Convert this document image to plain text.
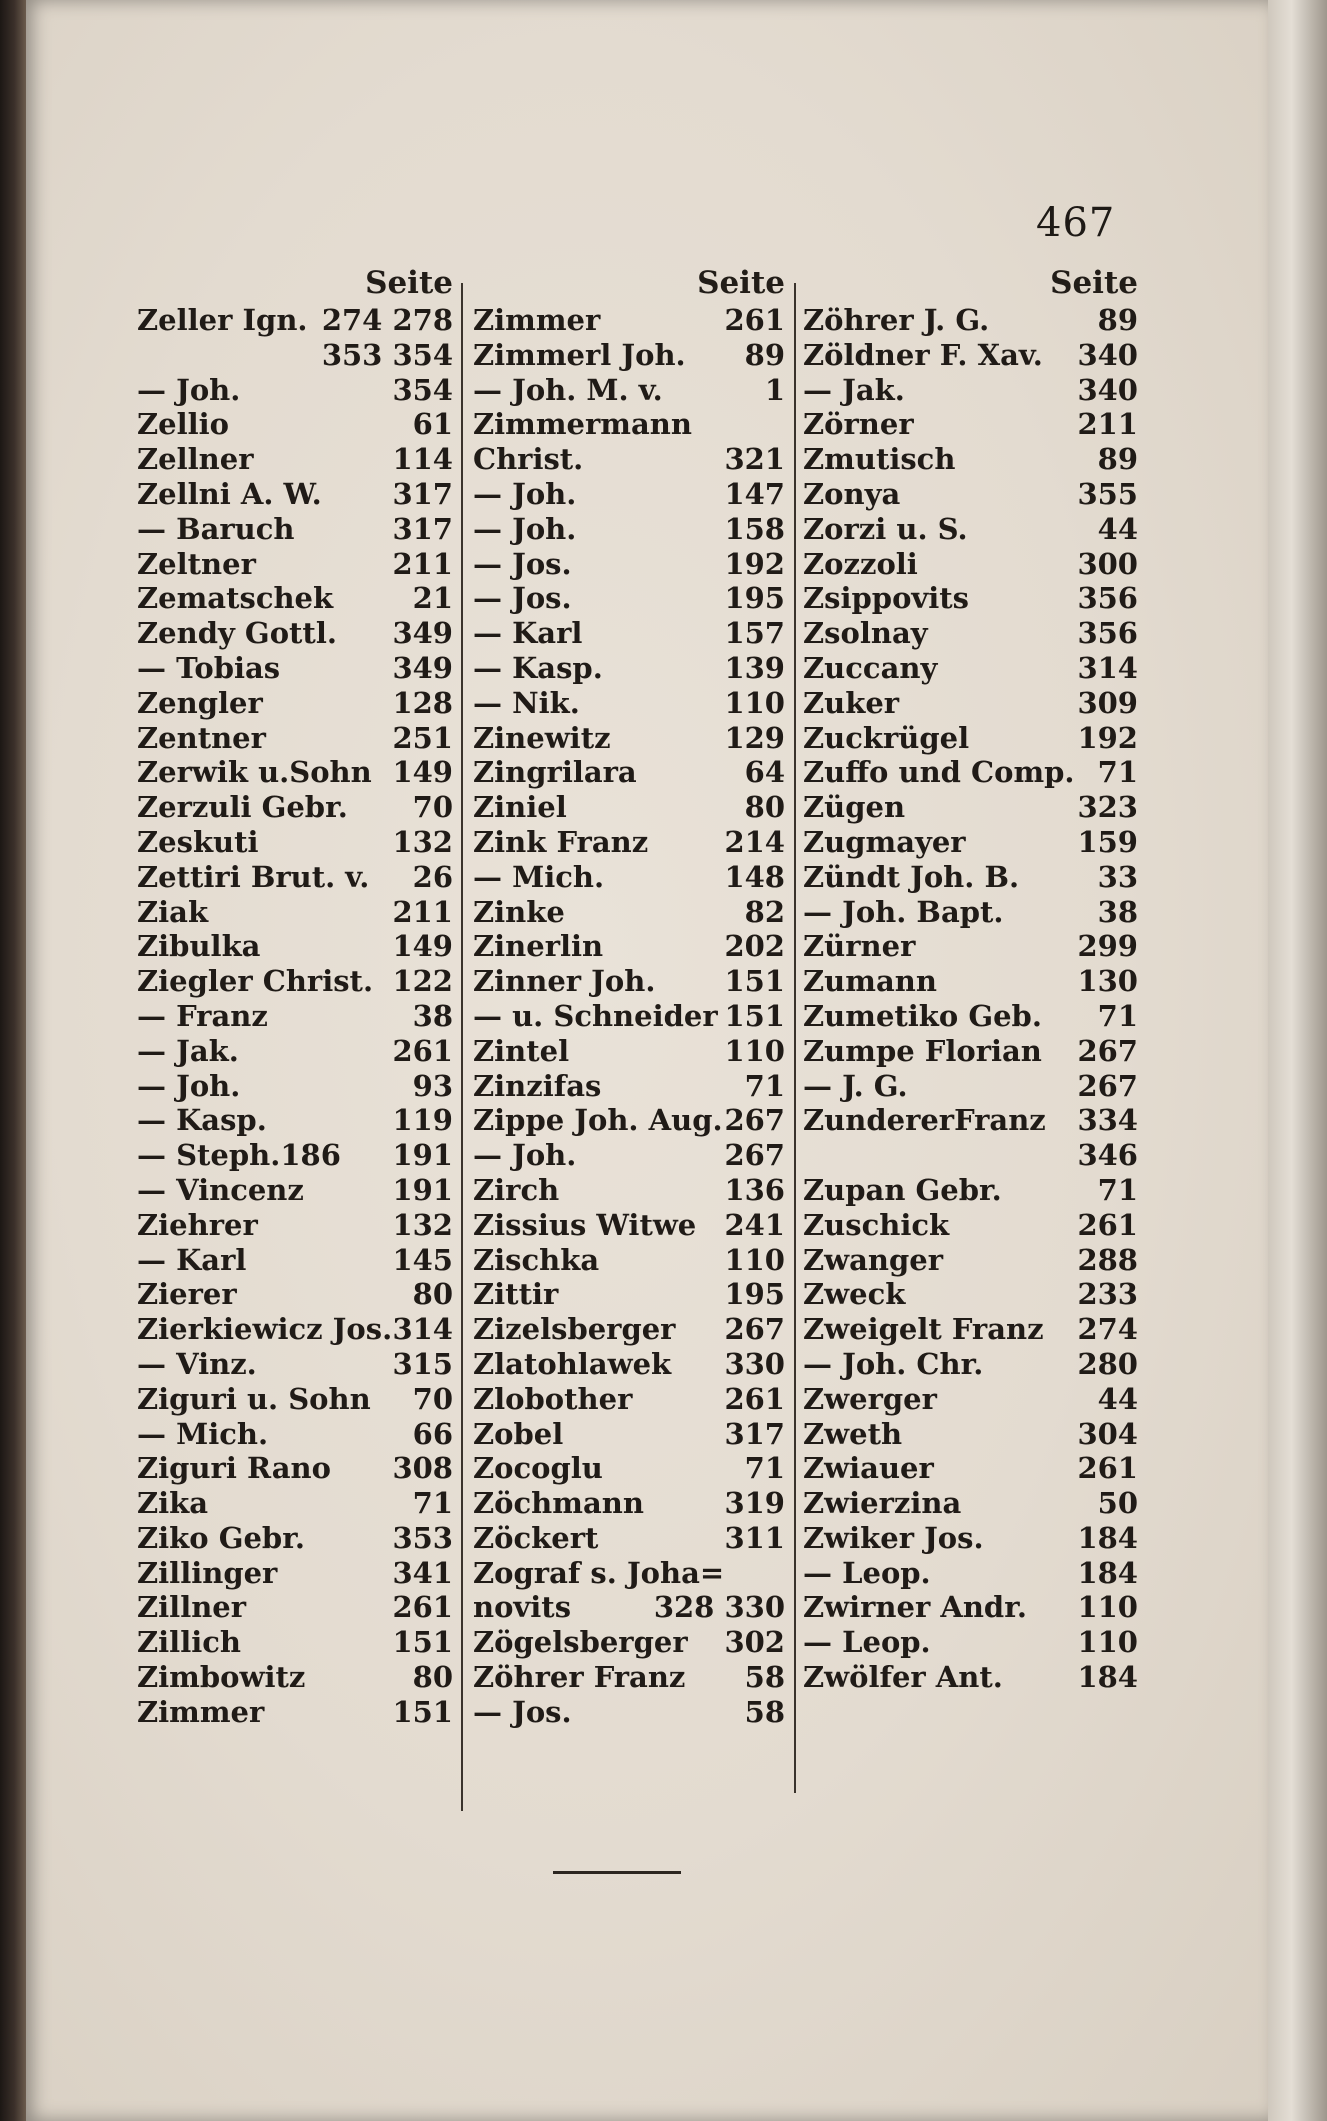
467
Seite
Zeller Ign. 274 278
353 354
— Joh.	354
Zellio	61
Zellner	114
Zellni A. W. 317
— Baruch	317
Zeltner	211
Zematschek	21
Zendy Gottl. 349
— Tobias	349
Zengler	128
Zentner	251
Zerwik u.Sohn 149
Zerzuli Gebr. 70
Zeskuti	132
Zettiri Brut. v. 26
Ziak	211
Zibulka	149
Ziegler Christ. 122
— Franz	38
— Jak.	261
— Joh.	93
— Kasp.	119
— Steph.186 191
— Vincenz	191
Ziehrer	132
— Karl	145
Zierer	80
Zierkiewicz Jos. 314
— Vinz.	315
Ziguri u. Sohn 70
— Mich.	66
Ziguri Rano 308
Zika	71
Ziko Gebr.	353
Zillinger	341
Zillner	261
Zillich	151
Zimbowitz	80
Zimmer	151
Seite
Zimmer	261
Zimmerl Joh. 89
— Joh. M. v.	1
Zimmermann
Christ.	321
— Joh.	147
— Joh.	158
— Jos.	192
— Jos.	195
— Karl	157
— Kasp.	139
— Nik.	110
Zinewitz	129
Zingrilara	64
Ziniel	80
Zink Franz	214
— Mich.	148
Zinke	82
Zinerlin	202
Zinner Joh. 151
— u. Schneider 151
Zintel	110
Zinzifas	71
Zippe Joh. Aug. 267
— Joh.	267
Zirch	136
Zissius Witwe 241
Zischka	110
Zittir	195
Zizelsberger 267
Zlatohlawek 330
Zlobother	261
Zobel	317
Zocoglu	71
Zöchmann	319
Zöckert	311
Zograf s. Joha=
novits	328 330
Zögelsberger 302
Zöhrer Franz 58
— Jos.	58
Seite
Zöhrer J. G.	89
Zöldner F. Xav. 340
— Jak.	340
Zörner	211
Zmutisch	89
Zonya	355
Zorzi u. S.	44
Zozzoli	300
Zsippovits	356
Zsolnay	356
Zuccany	314
Zuker	309
Zuckrügel	192
Zuffo und Comp. 71
Zügen	323
Zugmayer	159
Zündt Joh. B.	33
— Joh. Bapt.	38
Zürner	299
Zumann	130
Zumetiko Geb. 71
Zumpe Florian 267
— J. G.	267
ZundererFranz 334
346
Zupan Gebr.	71
Zuschick	261
Zwanger	288
Zweck	233
Zweigelt Franz 274
— Joh. Chr.	280
Zwerger	44
Zweth	304
Zwiauer	261
Zwierzina	50
Zwiker Jos.	184
— Leop.	184
Zwirner Andr. 110
— Leop.	110
Zwölfer Ant.	184
